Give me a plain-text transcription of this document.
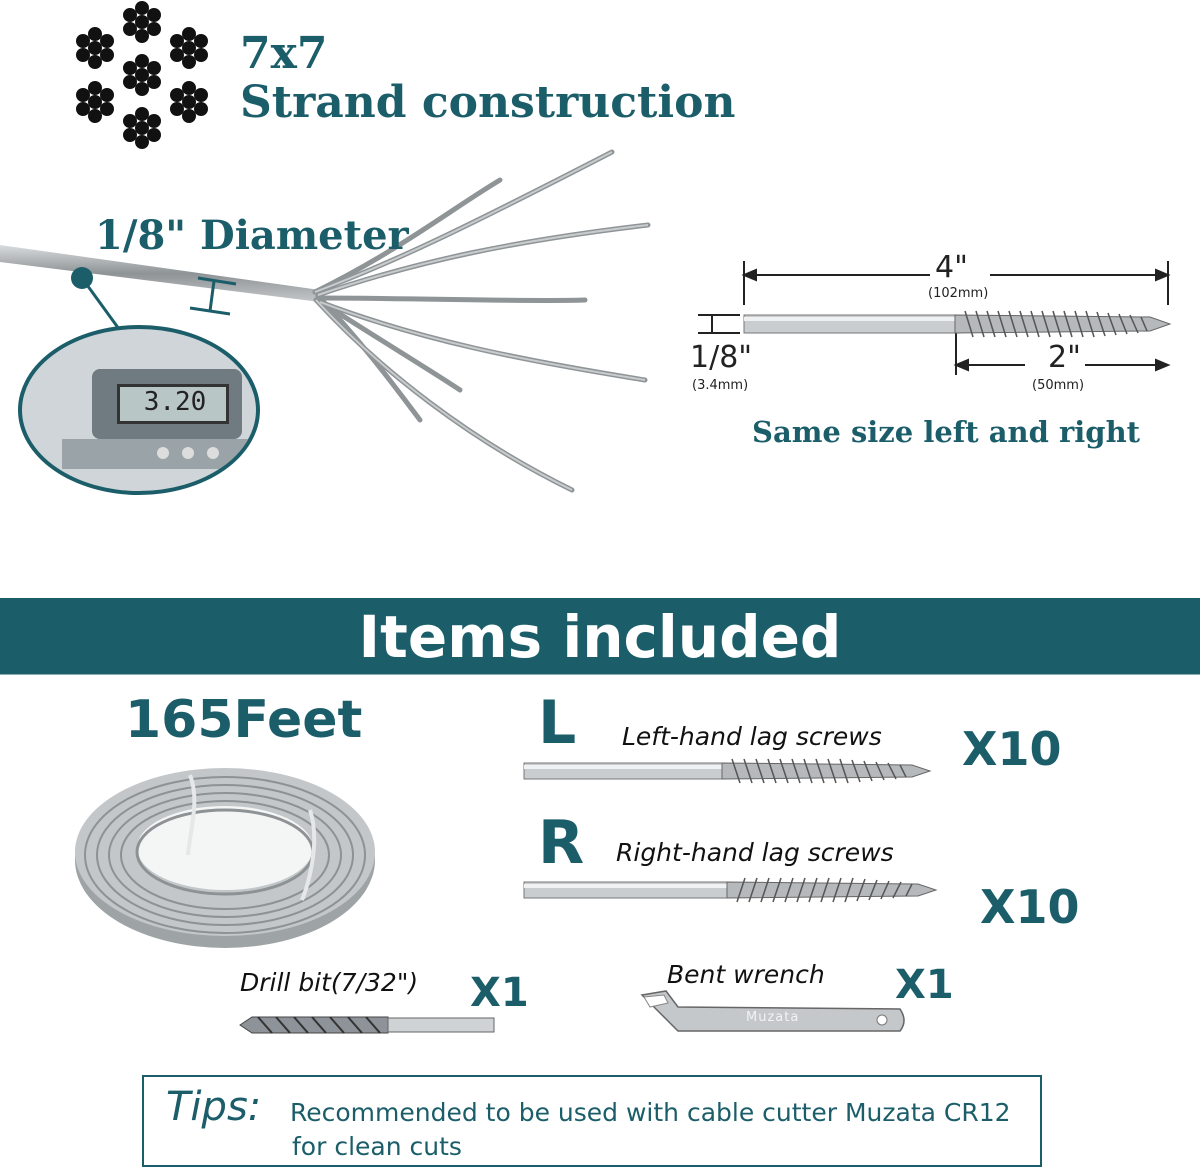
7x7
Strand construction
1/8" Diameter
3.20
4"
(102mm)
1/8"
(3.4mm)
2"
(50mm)
Same size left and right
Items included
165Feet	L Left-hand lag screws X10
R Right-hand lag screws
X10
Drill bit(7/32") X1	Bent wrench X1
Muzata
Tips: Recommended to be used with cable cutter Muzata CR12
for clean cuts
